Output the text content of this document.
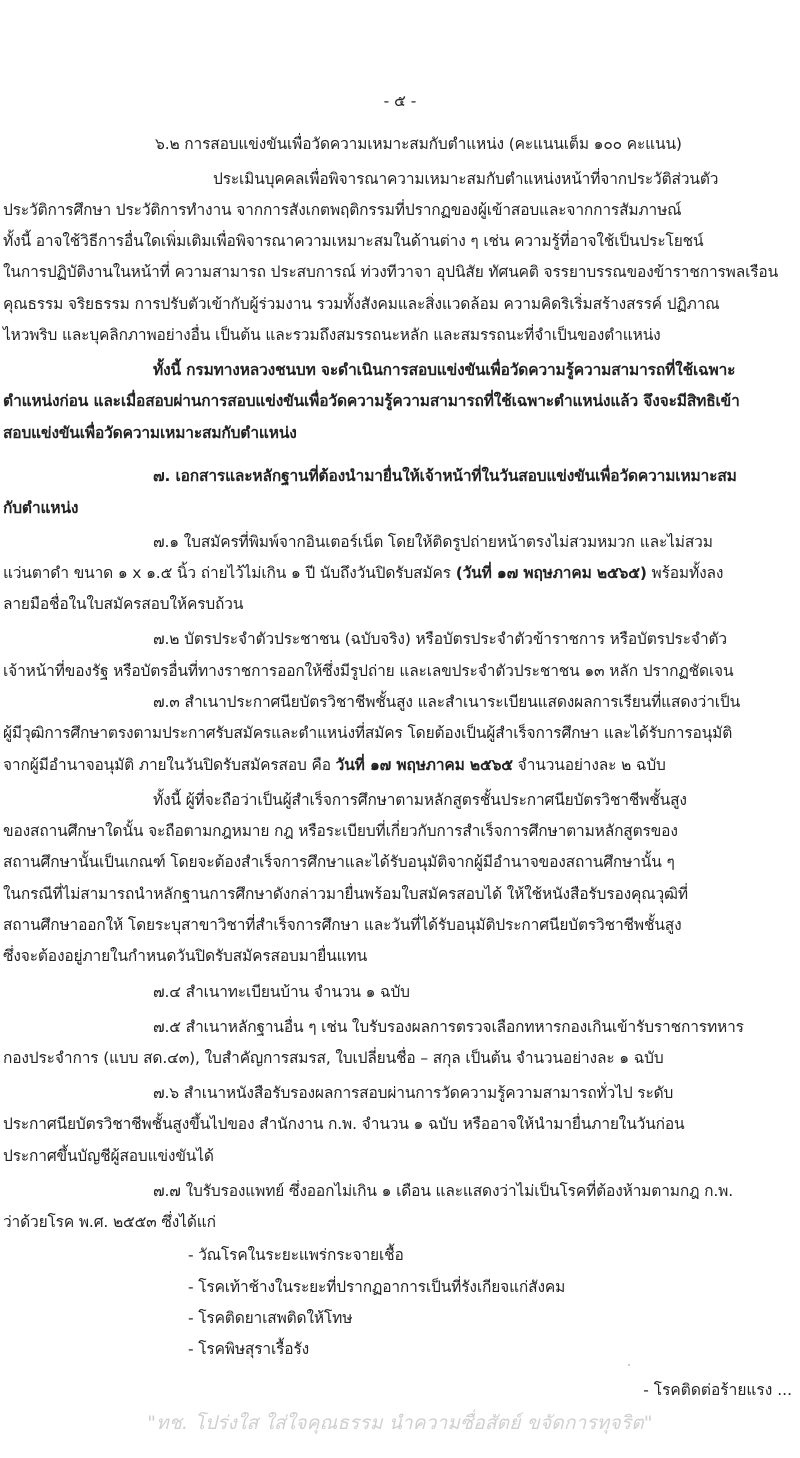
- ๕ -
๖.๒ การสอบแข่งขันเพื่อวัดความเหมาะสมกับตำแหน่ง (คะแนนเต็ม ๑๐๐ คะแนน)
ประเมินบุคคลเพื่อพิจารณาความเหมาะสมกับตำแหน่งหน้าที่จากประวัติส่วนตัว
ประวัติการศึกษา ประวัติการทำงาน จากการสังเกตพฤติกรรมที่ปรากฏของผู้เข้าสอบและจากการสัมภาษณ์
ทั้งนี้ อาจใช้วิธีการอื่นใดเพิ่มเติมเพื่อพิจารณาความเหมาะสมในด้านต่าง ๆ เช่น ความรู้ที่อาจใช้เป็นประโยชน์
ในการปฏิบัติงานในหน้าที่ ความสามารถ ประสบการณ์ ท่วงทีวาจา อุปนิสัย ทัศนคติ จรรยาบรรณของข้าราชการพลเรือน
คุณธรรม จริยธรรม การปรับตัวเข้ากับผู้ร่วมงาน รวมทั้งสังคมและสิ่งแวดล้อม ความคิดริเริ่มสร้างสรรค์ ปฏิภาณ
ไหวพริบ และบุคลิกภาพอย่างอื่น เป็นต้น และรวมถึงสมรรถนะหลัก และสมรรถนะที่จำเป็นของตำแหน่ง
ทั้งนี้ กรมทางหลวงชนบท จะดำเนินการสอบแข่งขันเพื่อวัดความรู้ความสามารถที่ใช้เฉพาะ
ตำแหน่งก่อน และเมื่อสอบผ่านการสอบแข่งขันเพื่อวัดความรู้ความสามารถที่ใช้เฉพาะตำแหน่งแล้ว จึงจะมีสิทธิเข้า
สอบแข่งขันเพื่อวัดความเหมาะสมกับตำแหน่ง
๗. เอกสารและหลักฐานที่ต้องนำมายื่นให้เจ้าหน้าที่ในวันสอบแข่งขันเพื่อวัดความเหมาะสม
กับตำแหน่ง
๗.๑ ใบสมัครที่พิมพ์จากอินเตอร์เน็ต โดยให้ติดรูปถ่ายหน้าตรงไม่สวมหมวก และไม่สวม
แว่นตาดำ ขนาด ๑ x ๑.๕ นิ้ว ถ่ายไว้ไม่เกิน ๑ ปี นับถึงวันปิดรับสมัคร (วันที่ ๑๗ พฤษภาคม ๒๕๖๕) พร้อมทั้งลง
ลายมือชื่อในใบสมัครสอบให้ครบถ้วน
๗.๒ บัตรประจำตัวประชาชน (ฉบับจริง) หรือบัตรประจำตัวข้าราชการ หรือบัตรประจำตัว
เจ้าหน้าที่ของรัฐ หรือบัตรอื่นที่ทางราชการออกให้ซึ่งมีรูปถ่าย และเลขประจำตัวประชาชน ๑๓ หลัก ปรากฏชัดเจน
๗.๓ สำเนาประกาศนียบัตรวิชาชีพชั้นสูง และสำเนาระเบียนแสดงผลการเรียนที่แสดงว่าเป็น
ผู้มีวุฒิการศึกษาตรงตามประกาศรับสมัครและตำแหน่งที่สมัคร โดยต้องเป็นผู้สำเร็จการศึกษา และได้รับการอนุมัติ
จากผู้มีอำนาจอนุมัติ ภายในวันปิดรับสมัครสอบ คือ วันที่ ๑๗ พฤษภาคม ๒๕๖๕ จำนวนอย่างละ ๒ ฉบับ
ทั้งนี้ ผู้ที่จะถือว่าเป็นผู้สำเร็จการศึกษาตามหลักสูตรชั้นประกาศนียบัตรวิชาชีพชั้นสูง
ของสถานศึกษาใดนั้น จะถือตามกฎหมาย กฎ หรือระเบียบที่เกี่ยวกับการสำเร็จการศึกษาตามหลักสูตรของ
สถานศึกษานั้นเป็นเกณฑ์ โดยจะต้องสำเร็จการศึกษาและได้รับอนุมัติจากผู้มีอำนาจของสถานศึกษานั้น ๆ
ในกรณีที่ไม่สามารถนำหลักฐานการศึกษาดังกล่าวมายื่นพร้อมใบสมัครสอบได้ ให้ใช้หนังสือรับรองคุณวุฒิที่
สถานศึกษาออกให้ โดยระบุสาขาวิชาที่สำเร็จการศึกษา และวันที่ได้รับอนุมัติประกาศนียบัตรวิชาชีพชั้นสูง
ซึ่งจะต้องอยู่ภายในกำหนดวันปิดรับสมัครสอบมายื่นแทน
๗.๔ สำเนาทะเบียนบ้าน จำนวน ๑ ฉบับ
๗.๕ สำเนาหลักฐานอื่น ๆ เช่น ใบรับรองผลการตรวจเลือกทหารกองเกินเข้ารับราชการทหาร
กองประจำการ (แบบ สด.๔๓), ใบสำคัญการสมรส, ใบเปลี่ยนชื่อ – สกุล เป็นต้น จำนวนอย่างละ ๑ ฉบับ
๗.๖ สำเนาหนังสือรับรองผลการสอบผ่านการวัดความรู้ความสามารถทั่วไป ระดับ
ประกาศนียบัตรวิชาชีพชั้นสูงขึ้นไปของ สำนักงาน ก.พ. จำนวน ๑ ฉบับ หรืออาจให้นำมายื่นภายในวันก่อน
ประกาศขึ้นบัญชีผู้สอบแข่งขันได้
๗.๗ ใบรับรองแพทย์ ซึ่งออกไม่เกิน ๑ เดือน และแสดงว่าไม่เป็นโรคที่ต้องห้ามตามกฎ ก.พ.
ว่าด้วยโรค พ.ศ. ๒๕๕๓ ซึ่งได้แก่
- วัณโรคในระยะแพร่กระจายเชื้อ
- โรคเท้าช้างในระยะที่ปรากฏอาการเป็นที่รังเกียจแก่สังคม
- โรคติดยาเสพติดให้โทษ
- โรคพิษสุราเรื้อรัง
- โรคติดต่อร้ายแรง ...
"ทช. โปร่งใส ใส่ใจคุณธรรม นำความซื่อสัตย์ ขจัดการทุจริต"
